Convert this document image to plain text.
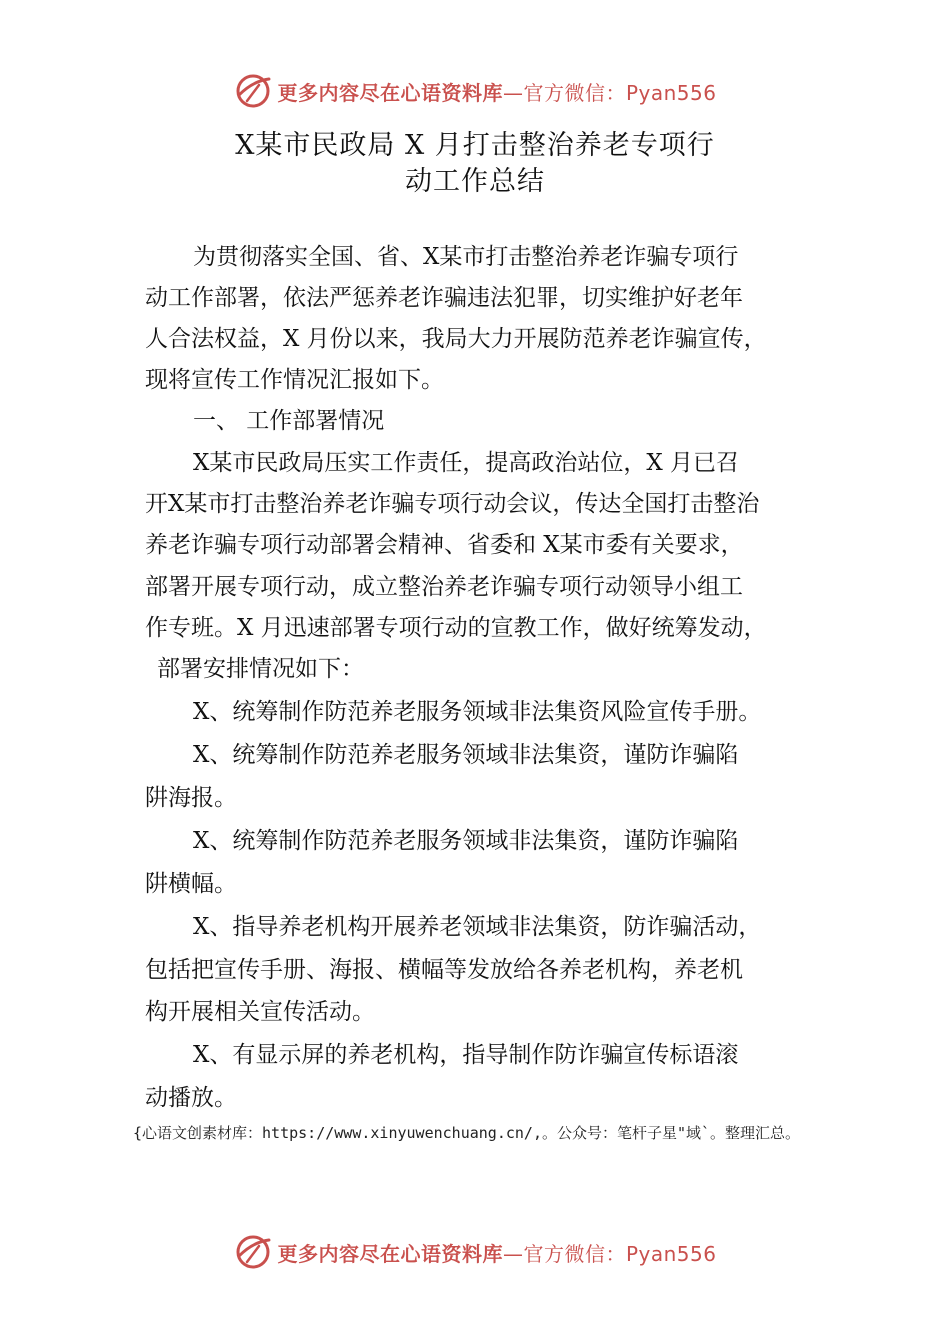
更多内容尽在心语资料库—官方微信：Pyan556
X某市民政局 X 月打击整治养老专项行
动工作总结
为贯彻落实全国、省、X某市打击整治养老诈骗专项行
动工作部署，依法严惩养老诈骗违法犯罪，切实维护好老年
人合法权益，X 月份以来，我局大力开展防范养老诈骗宣传，
现将宣传工作情况汇报如下。
一、 工作部署情况
X某市民政局压实工作责任，提高政治站位，X 月已召
开X某市打击整治养老诈骗专项行动会议，传达全国打击整治
养老诈骗专项行动部署会精神、省委和 X某市委有关要求，
部署开展专项行动，成立整治养老诈骗专项行动领导小组工
作专班。X 月迅速部署专项行动的宣教工作，做好统筹发动，
部署安排情况如下：
X、统筹制作防范养老服务领域非法集资风险宣传手册。
X、统筹制作防范养老服务领域非法集资，谨防诈骗陷
阱海报。
X、统筹制作防范养老服务领域非法集资，谨防诈骗陷
阱横幅。
X、指导养老机构开展养老领域非法集资，防诈骗活动，
包括把宣传手册、海报、横幅等发放给各养老机构，养老机
构开展相关宣传活动。
X、有显示屏的养老机构，指导制作防诈骗宣传标语滚
动播放。
{心语文创素材库：https://www.xinyuwenchuang.cn/,。公众号：笔杆子星"域`。整理汇总。
更多内容尽在心语资料库—官方微信：Pyan556
